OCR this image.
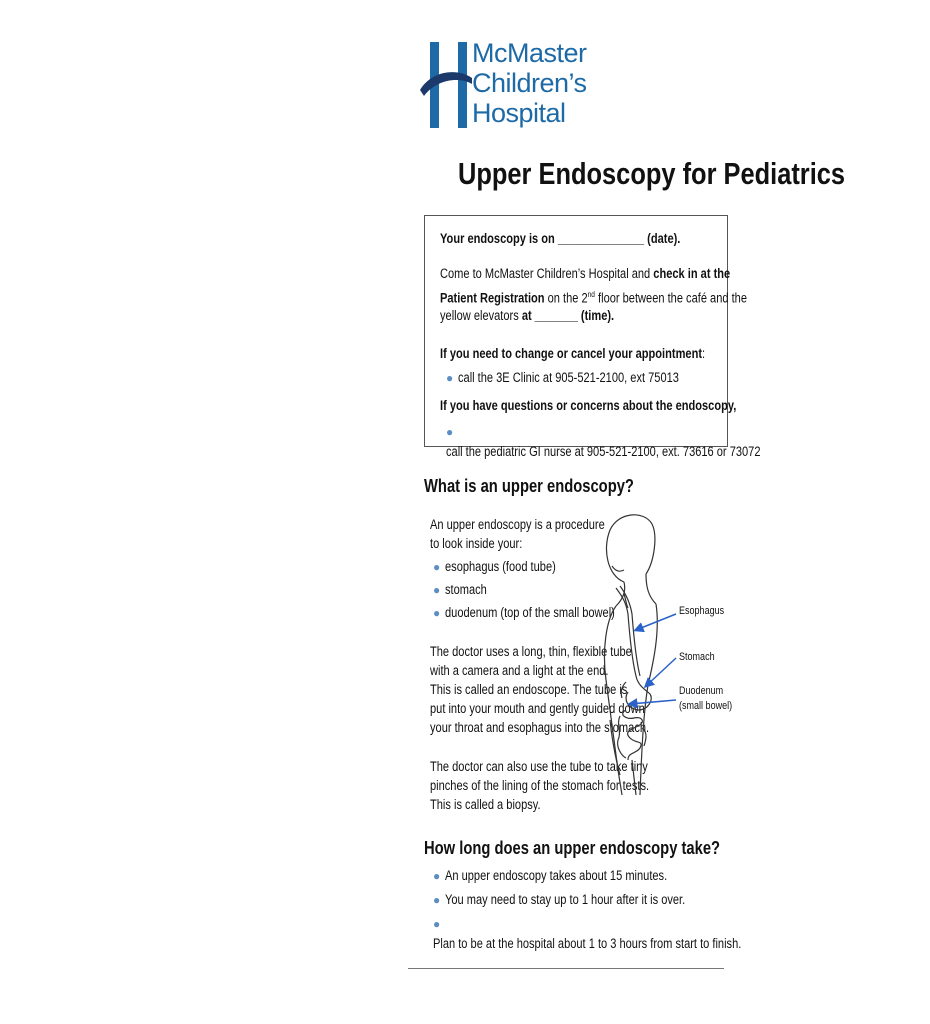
McMaster
Children’s
Hospital
Upper Endoscopy for Pediatrics
Your endoscopy is on ______________ (date).
Come to McMaster Children’s Hospital and check in at the
Patient Registration on the 2nd floor between the café and the
yellow elevators at _______ (time).
If you need to change or cancel your appointment:
● call the 3E Clinic at 905-521-2100, ext 75013
If you have questions or concerns about the endoscopy,
●call the pediatric GI nurse at 905-521-2100, ext. 73616 or 73072
What is an upper endoscopy?
An upper endoscopy is a procedure
to look inside your:
● esophagus (food tube)
● stomach
● duodenum (top of the small bowel)
The doctor uses a long, thin, flexible tube
with a camera and a light at the end.
This is called an endoscope. The tube is
put into your mouth and gently guided down
your throat and esophagus into the stomach.
The doctor can also use the tube to take tiny
pinches of the lining of the stomach for tests.
This is called a biopsy.
Esophagus
Stomach
Duodenum
(small bowel)
How long does an upper endoscopy take?
● An upper endoscopy takes about 15 minutes.
● You may need to stay up to 1 hour after it is over.
●Plan to be at the hospital about 1 to 3 hours from start to finish.
